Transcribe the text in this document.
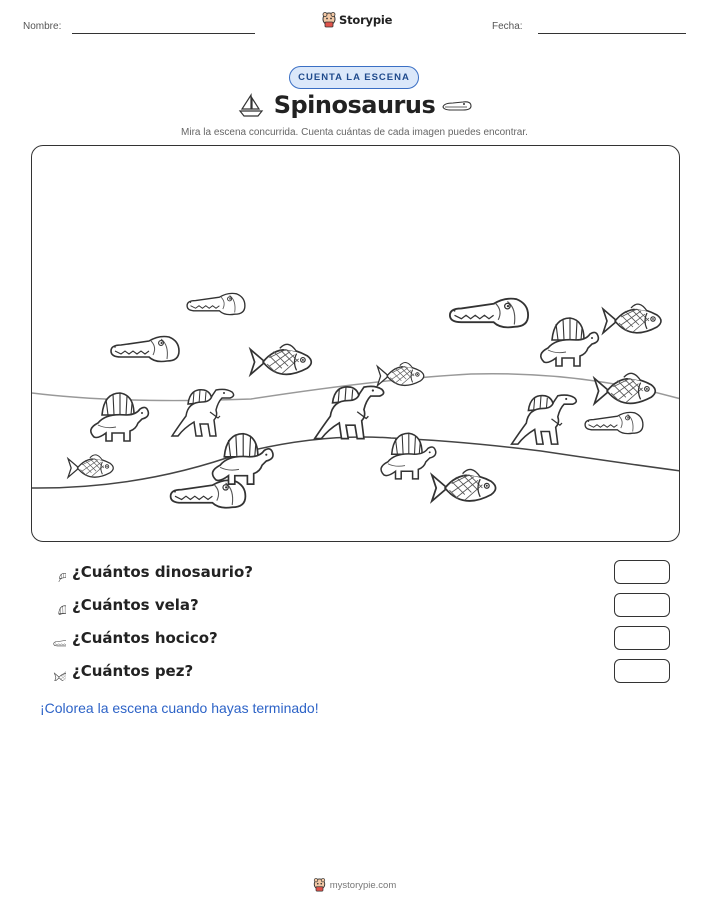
Nombre:	Storypie	Fecha:
CUENTA LA ESCENA
Spinosaurus
Mira la escena concurrida. Cuenta cuántas de cada imagen puedes encontrar.
¿Cuántos dinosaurio?
¿Cuántos vela?
¿Cuántos hocico?
¿Cuántos pez?
¡Colorea la escena cuando hayas terminado!
mystorypie.com
